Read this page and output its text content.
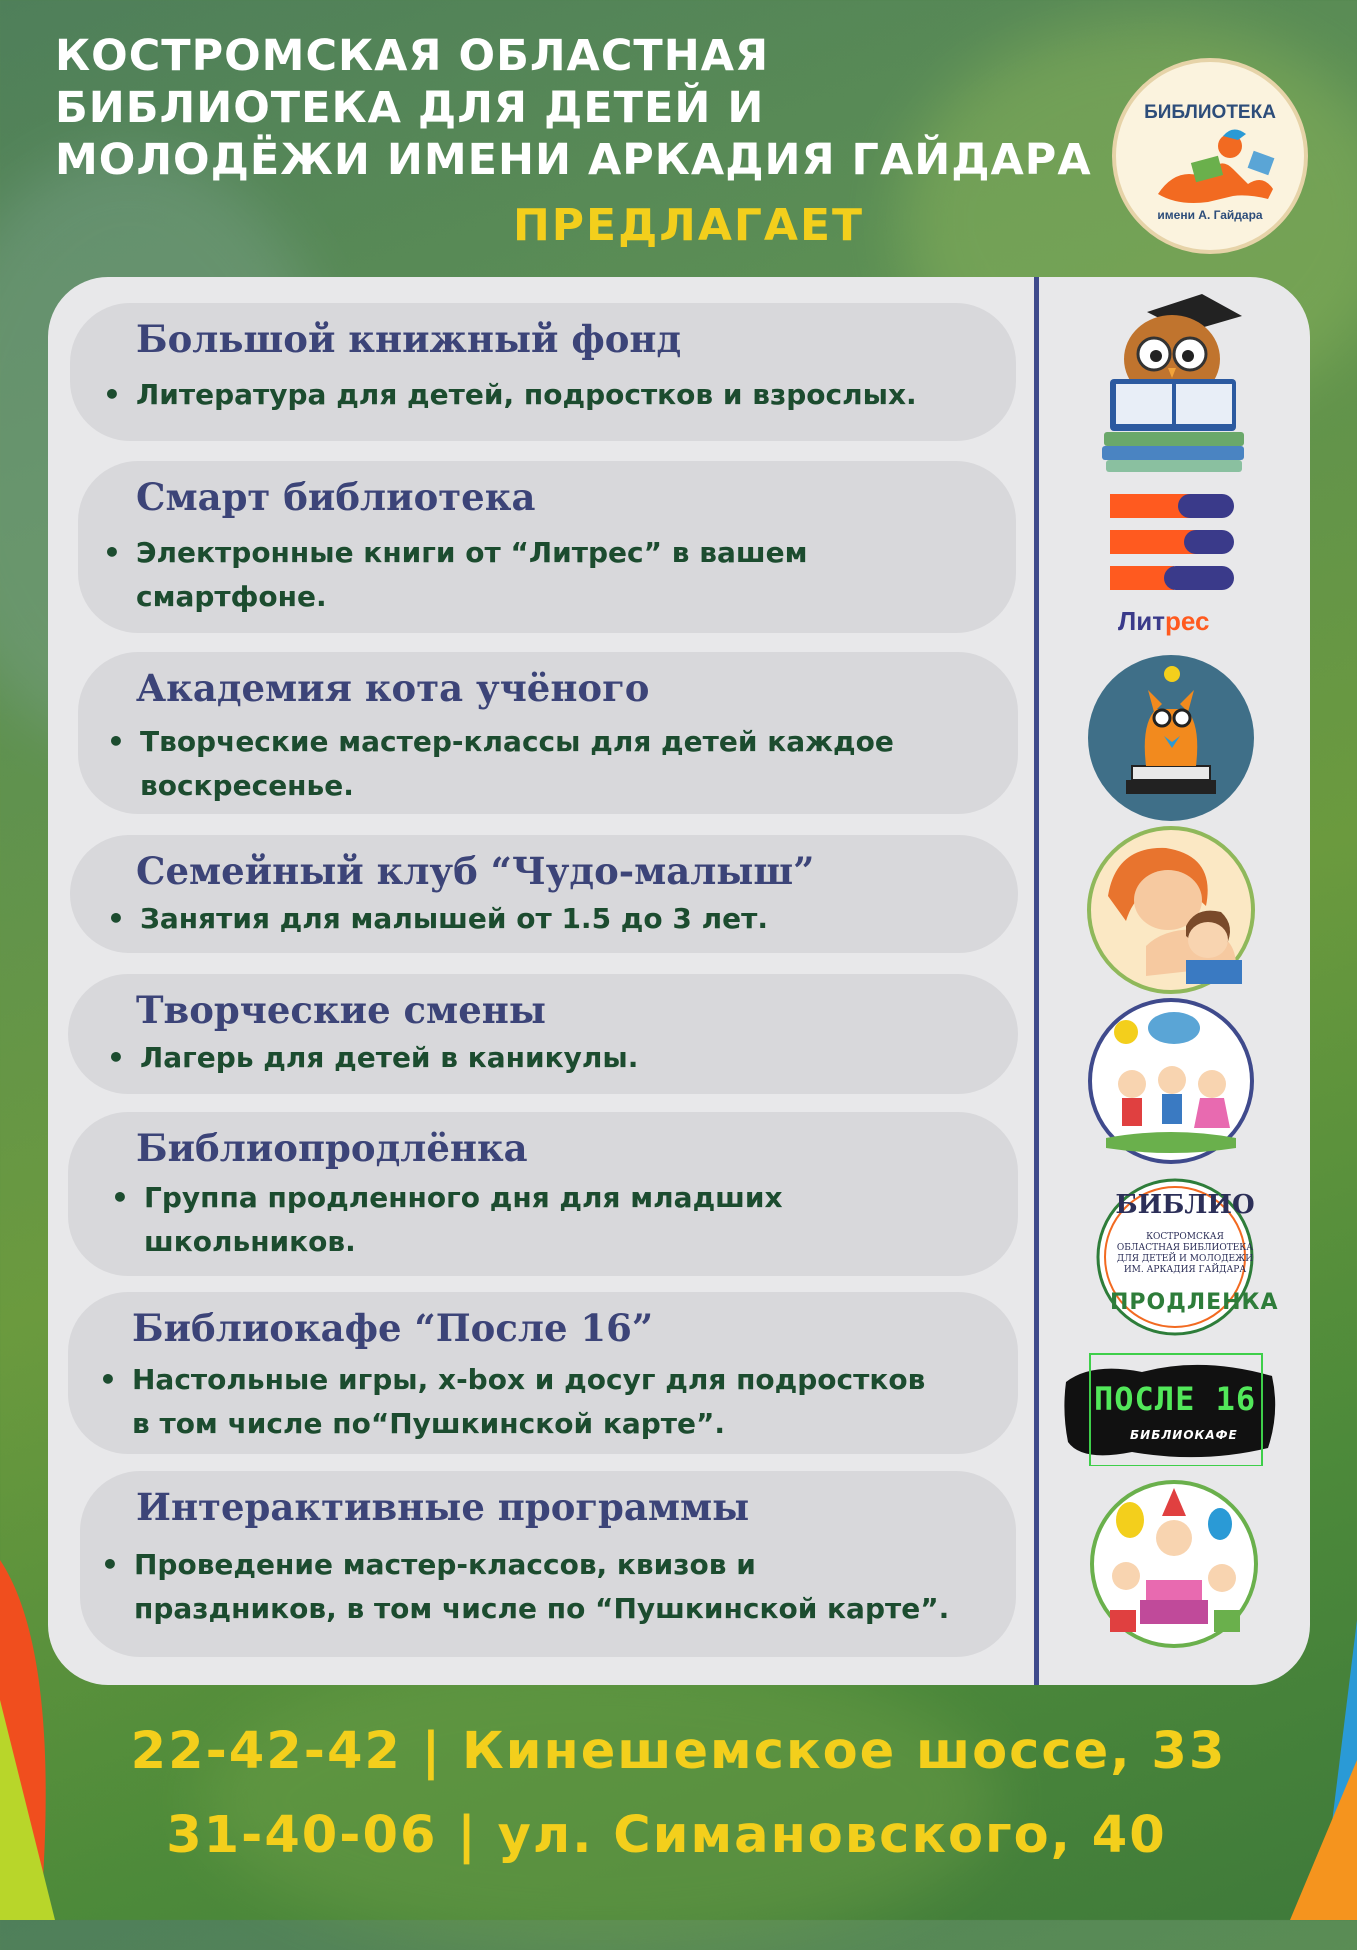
КОСТРОМСКАЯ ОБЛАСТНАЯ
БИБЛИОТЕКА ДЛЯ ДЕТЕЙ И
МОЛОДЁЖИ ИМЕНИ АРКАДИЯ ГАЙДАРА
ПРЕДЛАГАЕТ
БИБЛИОТЕКА
имени А. Гайдара
Большой книжный фонд
• Литература для детей, подростков и взрослых.
Смарт библиотека
• Электронные книги от “Литрес” в вашем
смартфоне.
Академия кота учёного
• Творческие мастер-классы для детей каждое
воскресенье.
Семейный клуб “Чудо-малыш”
• Занятия для малышей от 1.5 до 3 лет.
Творческие смены
• Лагерь для детей в каникулы.
Библиопродлёнка
• Группа продленного дня для младших
школьников.
Библиокафе “После 16”
• Настольные игры, x-box и досуг для подростков
в том числе по“Пушкинской карте”.
Интерактивные программы
• Проведение мастер-классов, квизов и
праздников, в том числе по “Пушкинской карте”.
Литрес
БИБЛИО
КОСТРОМСКАЯ
ОБЛАСТНАЯ БИБЛИОТЕКА
ДЛЯ ДЕТЕЙ И МОЛОДЕЖИ
ИМ. АРКАДИЯ ГАЙДАРА
ПРОДЛЕНКА
ПОСЛЕ 16
БИБЛИОКАФЕ
22-42-42 | Кинешемское шоссе, 33
31-40-06 | ул. Симановского, 40
